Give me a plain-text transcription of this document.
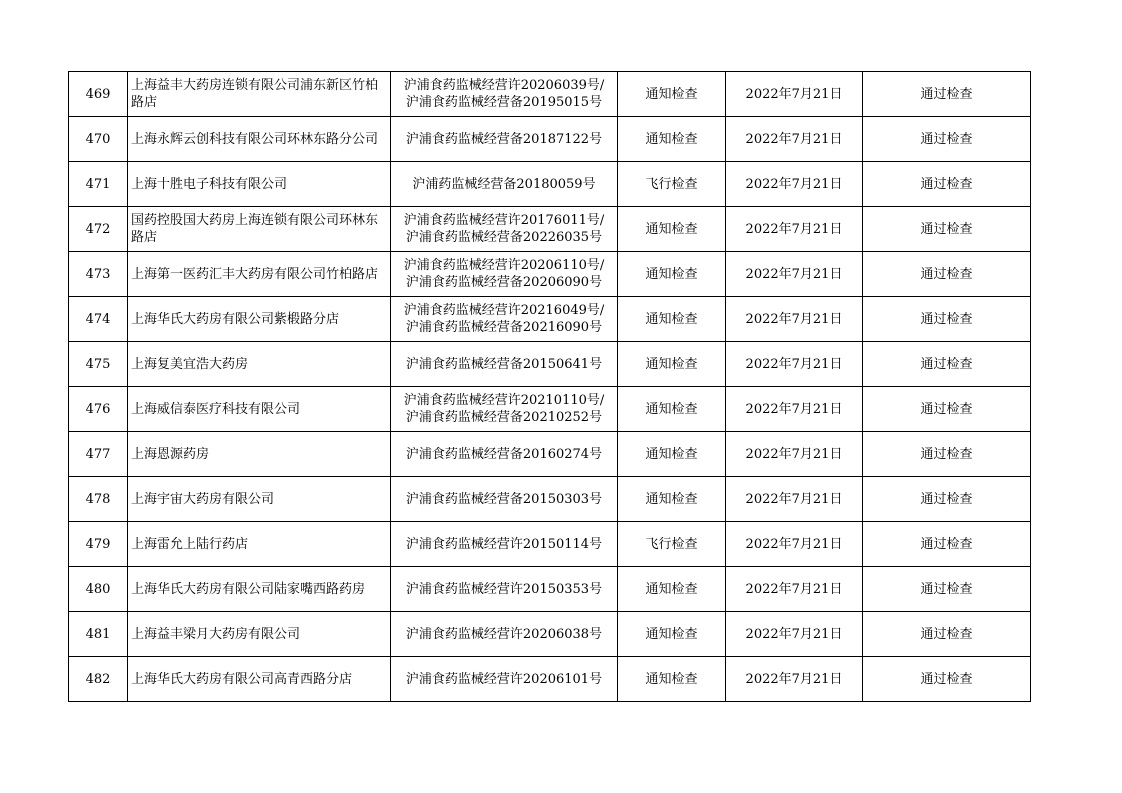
469	上海益丰大药房连锁有限公司浦东新区竹柏路店	沪浦食药监械经营许20206039号/
沪浦食药监械经营备20195015号	通知检查	2022年7月21日	通过检查
470	上海永辉云创科技有限公司环林东路分公司	沪浦食药监械经营备20187122号	通知检查	2022年7月21日	通过检查
471	上海十胜电子科技有限公司	沪浦药监械经营备20180059号	飞行检查	2022年7月21日	通过检查
472	国药控股国大药房上海连锁有限公司环林东路店	沪浦食药监械经营许20176011号/
沪浦食药监械经营备20226035号	通知检查	2022年7月21日	通过检查
473	上海第一医药汇丰大药房有限公司竹柏路店	沪浦食药监械经营许20206110号/
沪浦食药监械经营备20206090号	通知检查	2022年7月21日	通过检查
474	上海华氏大药房有限公司紫椴路分店	沪浦食药监械经营许20216049号/
沪浦食药监械经营备20216090号	通知检查	2022年7月21日	通过检查
475	上海复美宜浩大药房	沪浦食药监械经营备20150641号	通知检查	2022年7月21日	通过检查
476	上海威信泰医疗科技有限公司	沪浦食药监械经营许20210110号/
沪浦食药监械经营备20210252号	通知检查	2022年7月21日	通过检查
477	上海恩源药房	沪浦食药监械经营备20160274号	通知检查	2022年7月21日	通过检查
478	上海宇宙大药房有限公司	沪浦食药监械经营备20150303号	通知检查	2022年7月21日	通过检查
479	上海雷允上陆行药店	沪浦食药监械经营许20150114号	飞行检查	2022年7月21日	通过检查
480	上海华氏大药房有限公司陆家嘴西路药房	沪浦食药监械经营许20150353号	通知检查	2022年7月21日	通过检查
481	上海益丰梁月大药房有限公司	沪浦食药监械经营许20206038号	通知检查	2022年7月21日	通过检查
482	上海华氏大药房有限公司高青西路分店	沪浦食药监械经营许20206101号	通知检查	2022年7月21日	通过检查
